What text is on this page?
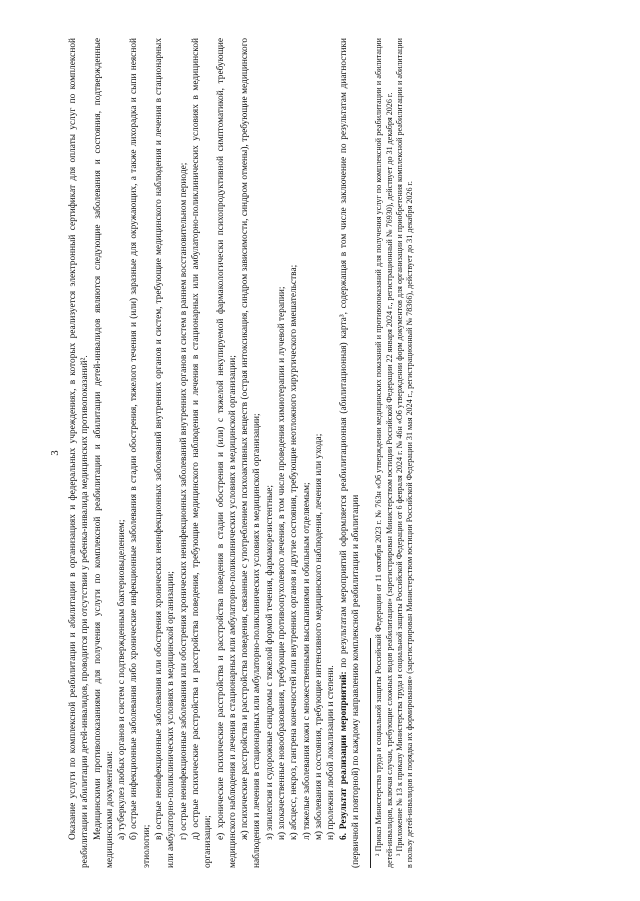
3 Оказание услуги по комплексной реабилитации и абилитации в организациях и федеральных учреждениях, в которых реализуется электронный сертификат для оплаты услуг по комплексной реабилитации и абилитации детей-инвалидов, проводится при отсутствии у ребенка-инвалида медицинских противопоказаний². Медицинскими противопоказаниями для получения услуги по комплексной реабилитации и абилитации детей-инвалидов являются следующие заболевания и состояния, подтвержденные медицинскими документами: а) туберкулез любых органов и систем с подтвержденным бактериовыделением; б) острые инфекционные заболевания либо хронические инфекционные заболевания в стадии обострения, тяжелого течения и (или) заразные для окружающих, а также лихорадка и сыпи неясной этиологии;

в) острые неинфекционные заболевания или обострения хронических неинфекционных заболеваний внутренних органов и систем, требующие медицинского наблюдения и лечения в стационарных или амбулаторно-поликлинических условиях в медицинской организации; г) острые неинфекционные заболевания или обострения хронических неинфекционных заболеваний внутренних органов и систем в раннем восстановительном периоде; д) острые психические расстройства и расстройства поведения, требующие медицинского наблюдения и лечения в стационарных или амбулаторно-поликлинических условиях в медицинской организации;

е) хронические психические расстройства и расстройства поведения в стадии обострения и (или) с тяжелой некупируемой фармакологически психопродуктивной симптоматикой, требующие медицинского наблюдения и лечения в стационарных или амбулаторно-поликлинических условиях в медицинской организации; ж) психические расстройства и расстройства поведения, связанные с употреблением психоактивных веществ (острая интоксикация, синдром зависимости, синдром отмены), требующие медицинского наблюдения и лечения в стационарных или амбулаторно-поликлинических условиях в медицинской организации; з) эпилепсия и судорожные синдромы с тяжелой формой течения, фармакорезистентные; и) злокачественные новообразования, требующие противоопухолевого лечения, в том числе проведения химиотерапии и лучевой терапии; к) абсцесс, некроз, гангрена конечностей или внутренних органов и другие состояния, требующие неотложного хирургического вмешательства; л) тяжелые заболевания кожи с множественными высыпаниями и обильным отделяемым; м) заболевания и состояния, требующие интенсивного медицинского наблюдения, лечения или ухода; н) пролежни любой локализации и степени. 6. Результат реализации мероприятий: по результатам мероприятий оформляется реабилитационная (абилитационная) карта³, содержащая в том числе заключение по результатам диагностики (первичной и повторной) по каждому направлению комплексной реабилитации и абилитации ² Приказ Министерства труда и социальной защиты Российской Федерации от 11 октября 2023 г. № 763н «Об утверждении медицинских показаний и противопоказаний для получения услуг по комплексной реабилитации и абилитации детей-инвалидов, включая случаи, требующие сложных видов реабилитации» (зарегистрирован Министерством юстиции Российской Федерации 22 января 2024 г., регистрационный № 76930), действует до 31 декабря 2026 г. ³ Приложение № 13 к приказу Министерства труда и социальной защиты Российской Федерации от 6 февраля 2024 г. № 46н «Об утверждении форм документов для организации и приобретения комплексной реабилитации и абилитации в пользу детей-инвалидов и порядка их формирования» (зарегистрирован Министерством юстиции Российской Федерации 31 мая 2024 г., регистрационный № 78366), действует до 31 декабря 2026 г.
